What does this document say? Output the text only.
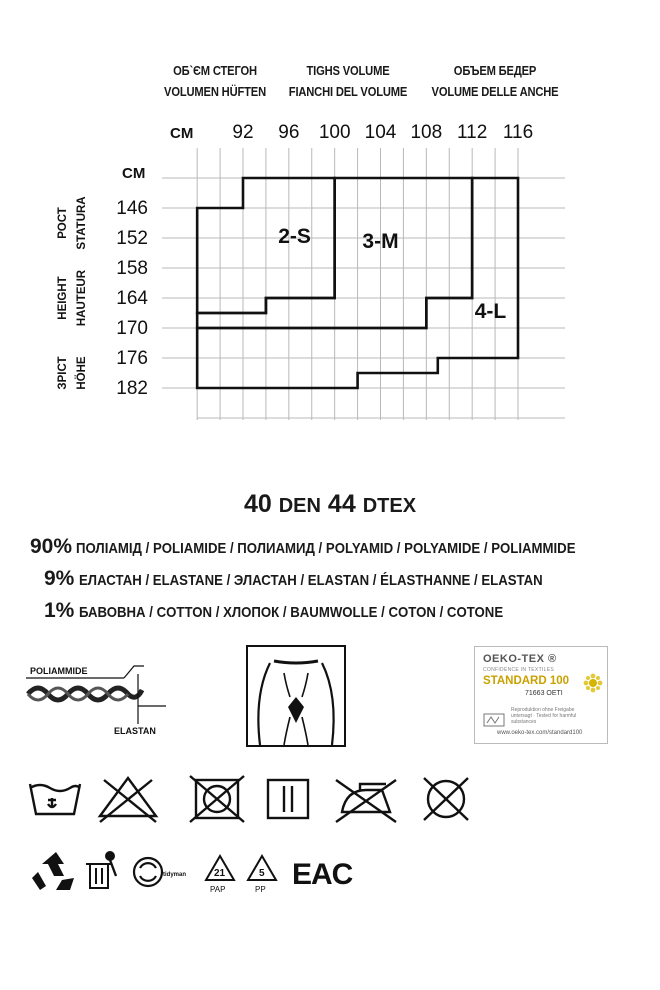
ОБ`ЄМ СТЕГОН
VOLUMEN HÜFTEN
TIGHS VOLUME
FIANCHI DEL VOLUME
ОБЪЕМ БЕДЕР
VOLUME DELLE ANCHE
CM
CM
92 96 100 104 108 112 116
146
152
158
164
170
176
182
РОСТ STATURA
HEIGHT HAUTEUR
ЗРІСТ HÖHE
2-S 3-M
4-L
40 DEN 44 DTEX
90% ПОЛІАМІД / POLIAMIDE / ПОЛИАМИД / POLYAMID / POLYAMIDE / POLIAMMIDE
9% ЕЛАСТАН / ELASTANE / ЭЛАСТАН / ELASTAN / ÉLASTHANNE / ELASTAN
1% БАВОВНА / COTTON / ХЛОПОК / BAUMWOLLE / COTON / COTONE
POLIAMMIDE
ELASTAN
OEKO-TEX ®
CONFIDENCE IN TEXTILES
STANDARD 100
71663 OETI
Reproduktion ohne Freigabe untersagt · Tested for harmful substances
www.oeko-tex.com/standard100
tidyman	21
PAP
5
PP EAC
